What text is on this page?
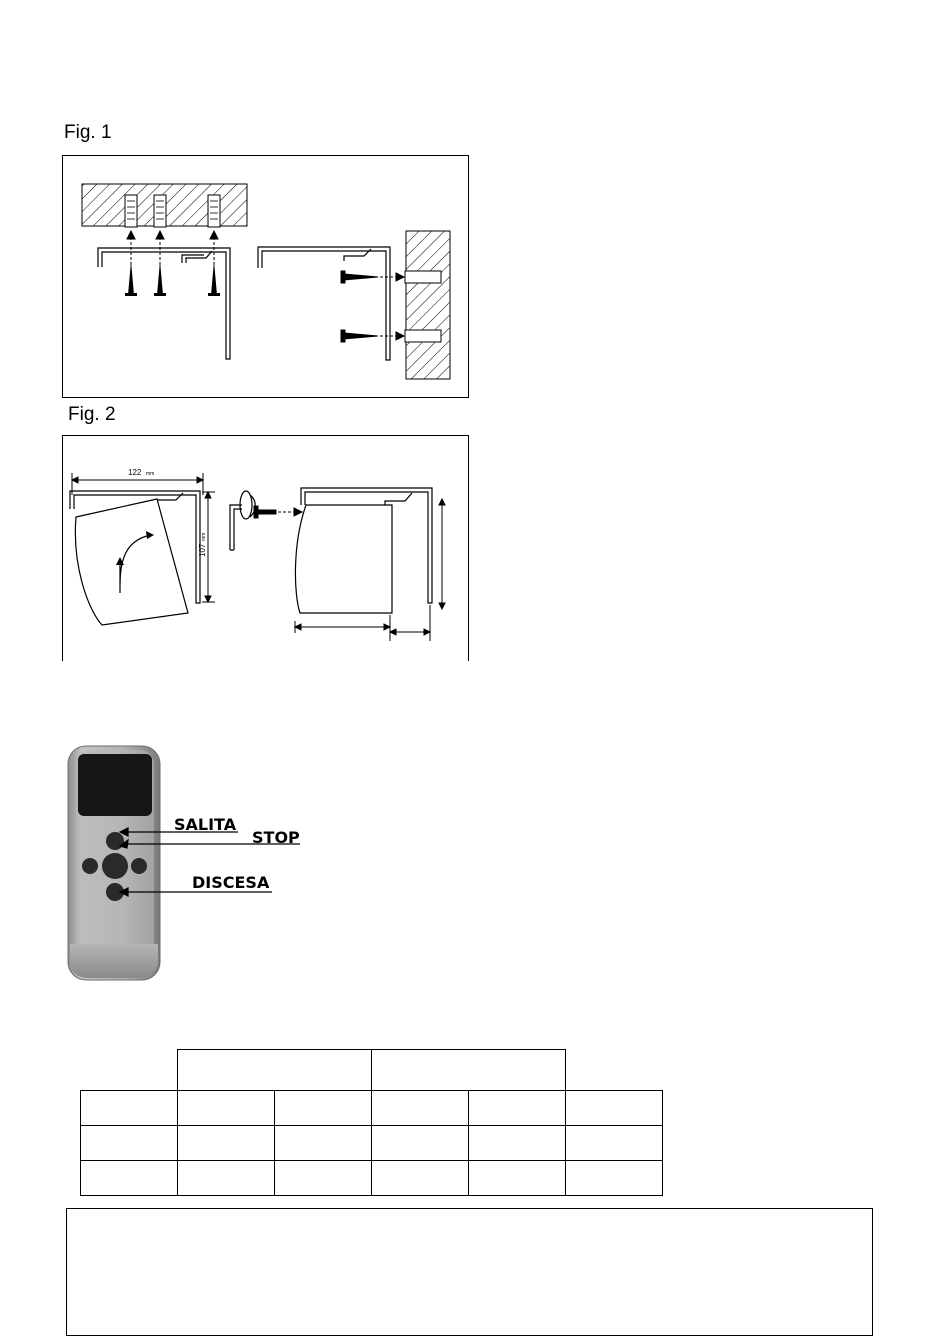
Fig. 1
Fig. 2
122 mm
107
mm
SALITA
STOP
DISCESA
